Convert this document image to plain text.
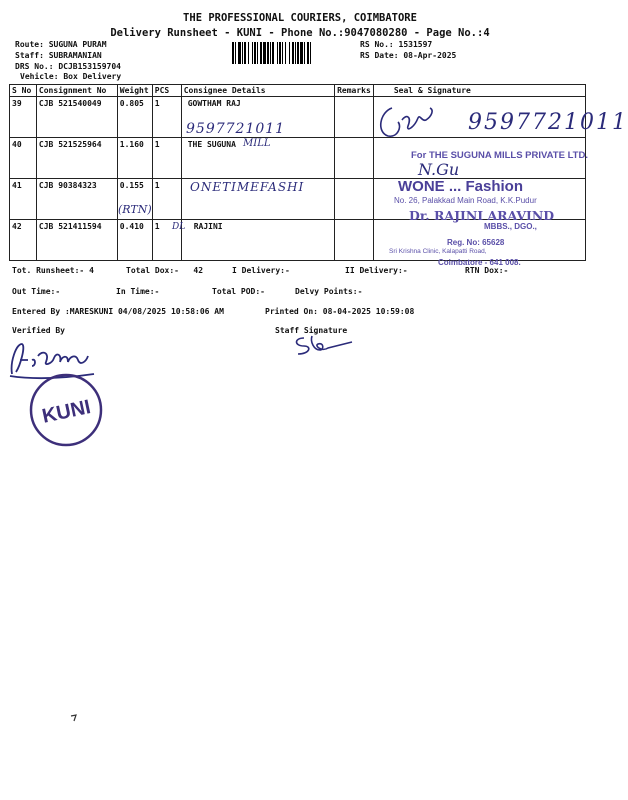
THE PROFESSIONAL COURIERS, COIMBATORE
Delivery Runsheet - KUNI - Phone No.:9047080280 - Page No.:4
Route: SUGUNA PURAM
Staff: SUBRAMANIAN
DRS No.: DCJB153159704
Vehicle: Box Delivery
RS No.: 1531597
RS Date: 08-Apr-2025
S No	Consignment No	Weight	PCS	Consignee Details	Remarks	Seal & Signature
39	CJB 521540049	0.805	1	GOWTHAM RAJ		
40	CJB 521525964	1.160	1	THE SUGUNA		
41	CJB 90384323	0.155	1			
42	CJB 521411594	0.410	1	RAJINI		
9597721011
MILL
ONETIMEFASHI
(RTN)
DL
9597721011
For THE SUGUNA MILLS PRIVATE LTD.
N.Gu
WONE ... Fashion
No. 26, Palakkad Main Road, K.K.Pudur
Dr. RAJINI ARAVIND
MBBS., DGO.,
Reg. No: 65628
Sri Krishna Clinic, Kalapatti Road,
Coimbatore - 641 008.
Tot. Runsheet:- 4	Total Dox:-   42	I Delivery:-	II Delivery:-	RTN Dox:-
Out Time:-	In Time:-	Total POD:-	Delvy Points:-
Entered By :MARESKUNI 04/08/2025 10:58:06 AM	Printed On: 08-04-2025 10:59:08
Verified By	Staff Signature
KUNI
